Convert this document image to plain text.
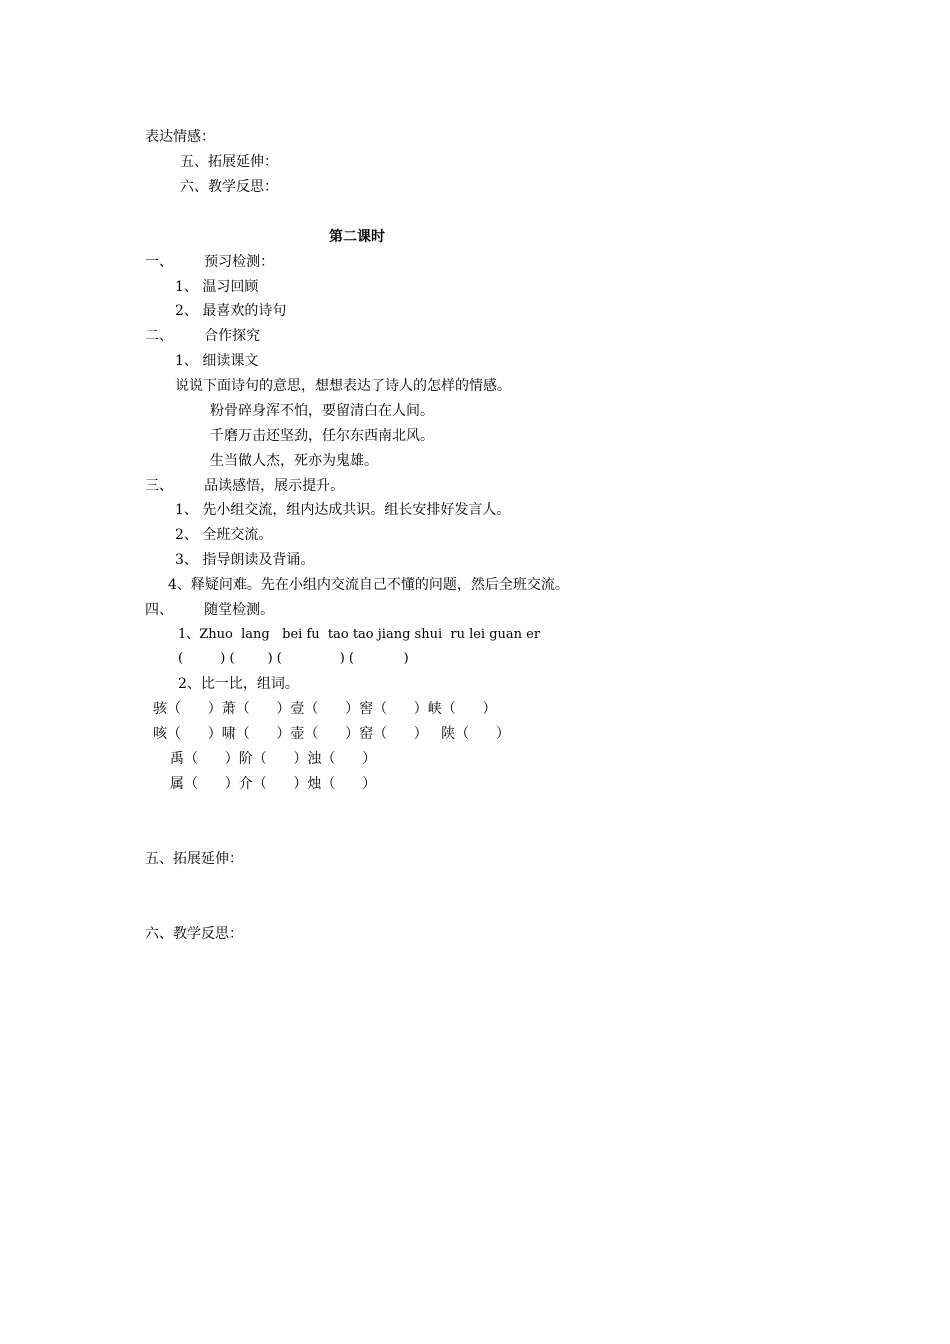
表达情感：
五、拓展延伸：
六、教学反思：
第二课时
一、       预习检测：
1、 温习回顾
2、 最喜欢的诗句
二、       合作探究
1、 细读课文
说说下面诗句的意思，想想表达了诗人的怎样的情感。
粉骨碎身浑不怕，要留清白在人间。
千磨万击还坚劲，任尔东西南北风。
生当做人杰，死亦为鬼雄。
三、       品读感悟，展示提升。
1、 先小组交流，组内达成共识。组长安排好发言人。
2、 全班交流。
3、 指导朗读及背诵。
4、释疑问难。先在小组内交流自己不懂的问题，然后全班交流。
四、       随堂检测。
1、Zhuo  lang   bei fu  tao tao jiang shui  ru lei guan er
(         ) (        ) (              ) (            )
2、比一比，组词。
骇（      ）萧（      ）壹（      ）窖（      ）峡（      ）
咳（      ）啸（      ）壶（      ）窑（      ）   陕（      ）
禹（      ）阶（      ）浊（      ）
属（      ）介（      ）烛（      ）
五、拓展延伸：
六、教学反思：
